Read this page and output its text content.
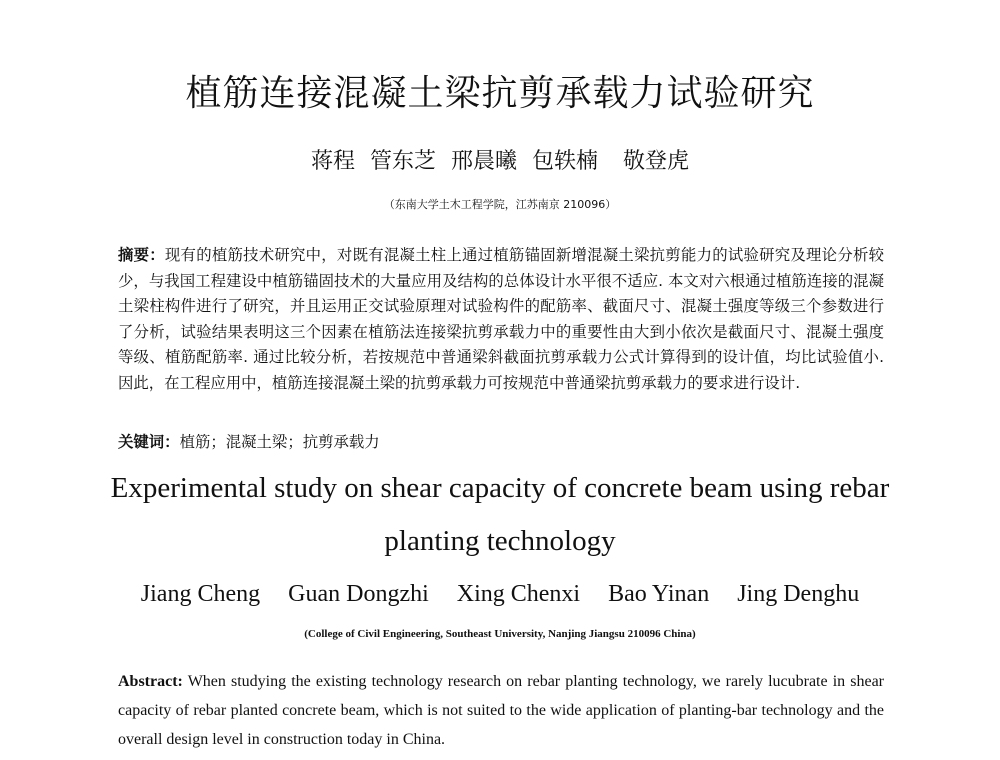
植筋连接混凝土梁抗剪承载力试验研究
蒋程 管东芝 邢晨曦 包轶楠 敬登虎
（东南大学土木工程学院，江苏南京 210096）
摘要：现有的植筋技术研究中，对既有混凝土柱上通过植筋锚固新增混凝土梁抗剪能力的试验研究及理论分析较少，与我国工程建设中植筋锚固技术的大量应用及结构的总体设计水平很不适应. 本文对六根通过植筋连接的混凝土梁柱构件进行了研究，并且运用正交试验原理对试验构件的配筋率、截面尺寸、混凝土强度等级三个参数进行了分析，试验结果表明这三个因素在植筋法连接梁抗剪承载力中的重要性由大到小依次是截面尺寸、混凝土强度等级、植筋配筋率. 通过比较分析，若按规范中普通梁斜截面抗剪承载力公式计算得到的设计值，均比试验值小. 因此，在工程应用中，植筋连接混凝土梁的抗剪承载力可按规范中普通梁抗剪承载力的要求进行设计.
关键词：植筋；混凝土梁；抗剪承载力
Experimental study on shear capacity of concrete beam using rebar planting technology
Jiang Cheng Guan Dongzhi Xing Chenxi Bao Yinan Jing Denghu
(College of Civil Engineering, Southeast University, Nanjing Jiangsu 210096 China)
Abstract: When studying the existing technology research on rebar planting technology, we rarely lucubrate in shear capacity of rebar planted concrete beam, which is not suited to the wide application of planting-bar technology and the overall design level in construction today in China.
